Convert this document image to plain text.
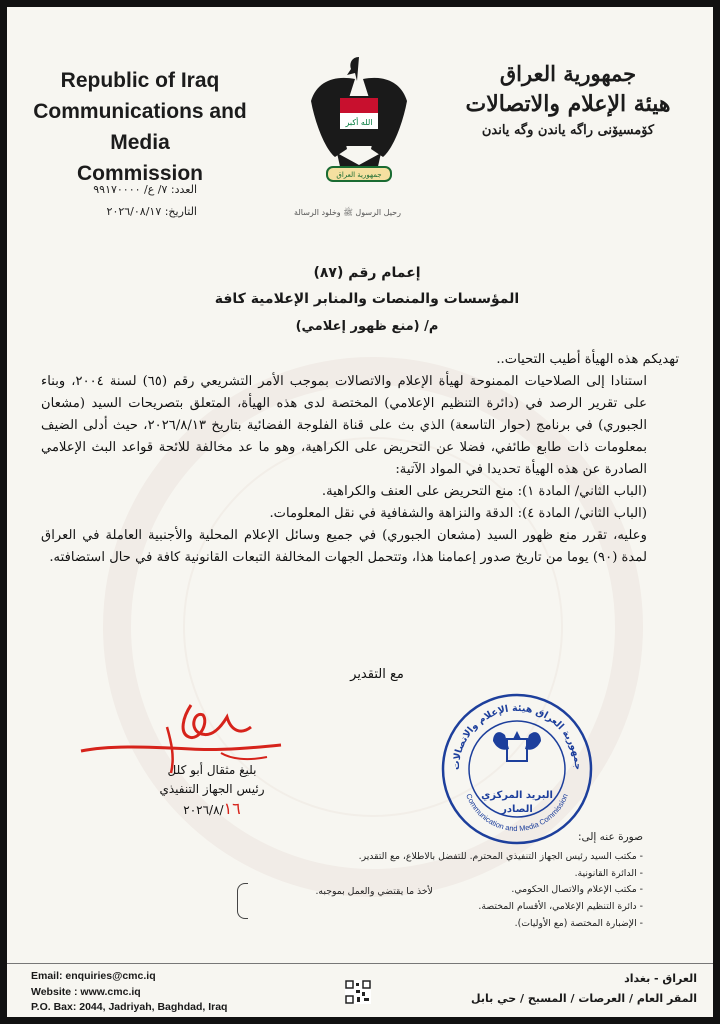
Republic of Iraq
Communications and Media
Commission
الله أكبر
جمهورية العراق
جمهورية العراق
هيئة الإعلام والاتصالات
كۆمسيۆنى راگه ياندن وگه ياندن
العدد: ٧/ ع/ ٩٩١٧٠٠٠٠
التاريخ: ٢٠٢٦/٠٨/١٧	رحيل الرسول ﷺ وخلود الرسالة
إعمام رقم (٨٧)
المؤسسات والمنصات والمنابر الإعلامية كافة
م/ (منع ظهور إعلامي)

تهديكم هذه الهيأة أطيب التحيات..

استنادا إلى الصلاحيات الممنوحة لهيأة الإعلام والاتصالات بموجب الأمر التشريعي رقم (٦٥) لسنة ٢٠٠٤، وبناء على تقرير الرصد في (دائرة التنظيم الإعلامي) المختصة لدى هذه الهيأة، المتعلق بتصريحات السيد (مشعان الجبوري) في برنامج (حوار التاسعة) الذي بث على قناة الفلوجة الفضائية بتاريخ ٢٠٢٦/٨/١٣، حيث أدلى الضيف بمعلومات ذات طابع طائفي، فضلا عن التحريض على الكراهية، وهو ما عد مخالفة للائحة قواعد البث الإعلامي الصادرة عن هذه الهيأة تحديدا في المواد الآتية:

(الباب الثاني/ المادة ١): منع التحريض على العنف والكراهية.

(الباب الثاني/ المادة ٤): الدقة والنزاهة والشفافية في نقل المعلومات.

وعليه، تقرر منع ظهور السيد (مشعان الجبوري) في جميع وسائل الإعلام المحلية والأجنبية العاملة في العراق لمدة (٩٠) يوما من تاريخ صدور إعمامنا هذا، وتتحمل الجهات المخالفة التبعات القانونية كافة في حال استضافته.

مع التقدير
بليغ مثقال أبو كلل
رئيس الجهاز التنفيذي
٢٠٢٦/٨/١٦
جمهورية العراق هيئة الإعلام والاتصالات
Communication and Media Commission
البريد المركزي
الصادر
صورة عنه إلى:
- مكتب السيد رئيس الجهاز التنفيذي المحترم. للتفضل بالاطلاع، مع التقدير.
- الدائرة القانونية.
- مكتب الإعلام والاتصال الحكومي.
- دائرة التنظيم الإعلامي، الأقسام المختصة.
- الإضبارة المختصة (مع الأوليات).
لأخذ ما يقتضي والعمل بموجبه.
Email: enquiries@cmc.iq
Website : www.cmc.iq
P.O. Bax: 2044, Jadriyah, Baghdad, Iraq
العراق - بغداد
المقر العام / العرصات / المسبح / حي بابل
